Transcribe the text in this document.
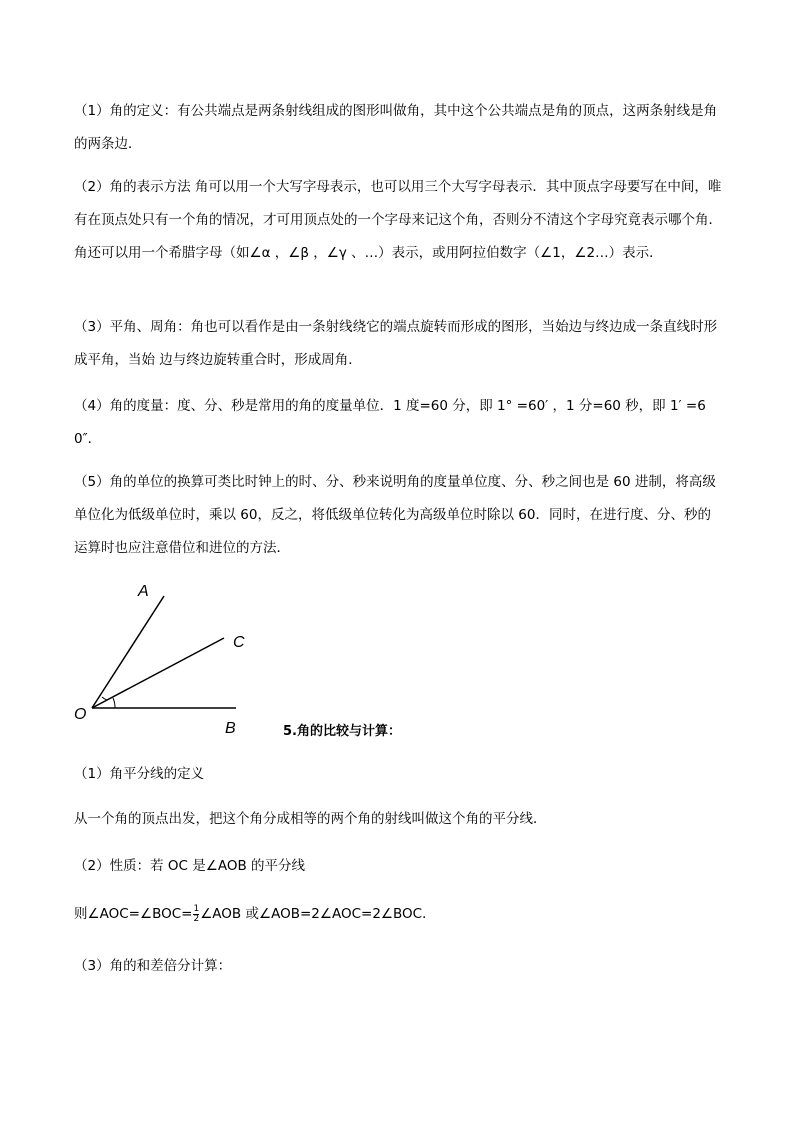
（1）角的定义：有公共端点是两条射线组成的图形叫做角，其中这个公共端点是角的顶点，这两条射线是角的两条边．
（2）角的表示方法 角可以用一个大写字母表示，也可以用三个大写字母表示．其中顶点字母要写在中间，唯有在顶点处只有一个角的情况，才可用顶点处的一个字母来记这个角，否则分不清这个字母究竟表示哪个角．角还可以用一个希腊字母（如∠α ，∠β ，∠γ 、…）表示，或用阿拉伯数字（∠1，∠2…）表示．
（3）平角、周角：角也可以看作是由一条射线绕它的端点旋转而形成的图形，当始边与终边成一条直线时形成平角，当始 边与终边旋转重合时，形成周角．
（4）角的度量：度、分、秒是常用的角的度量单位．1 度=60 分，即 1° =60′ ，1 分=60 秒，即 1′ =60″．
（5）角的单位的换算可类比时钟上的时、分、秒来说明角的度量单位度、分、秒之间也是 60 进制，将高级单位化为低级单位时，乘以 60，反之，将低级单位转化为高级单位时除以 60．同时，在进行度、分、秒的运算时也应注意借位和进位的方法．
A
C
O
B	5.角的比较与计算：
（1）角平分线的定义
从一个角的顶点出发，把这个角分成相等的两个角的射线叫做这个角的平分线．
（2）性质：若 OC 是∠AOB 的平分线
则∠AOC=∠BOC= $\frac{1}{2}$ ∠AOB 或∠AOB=2∠AOC=2∠BOC．
（3）角的和差倍分计算：
